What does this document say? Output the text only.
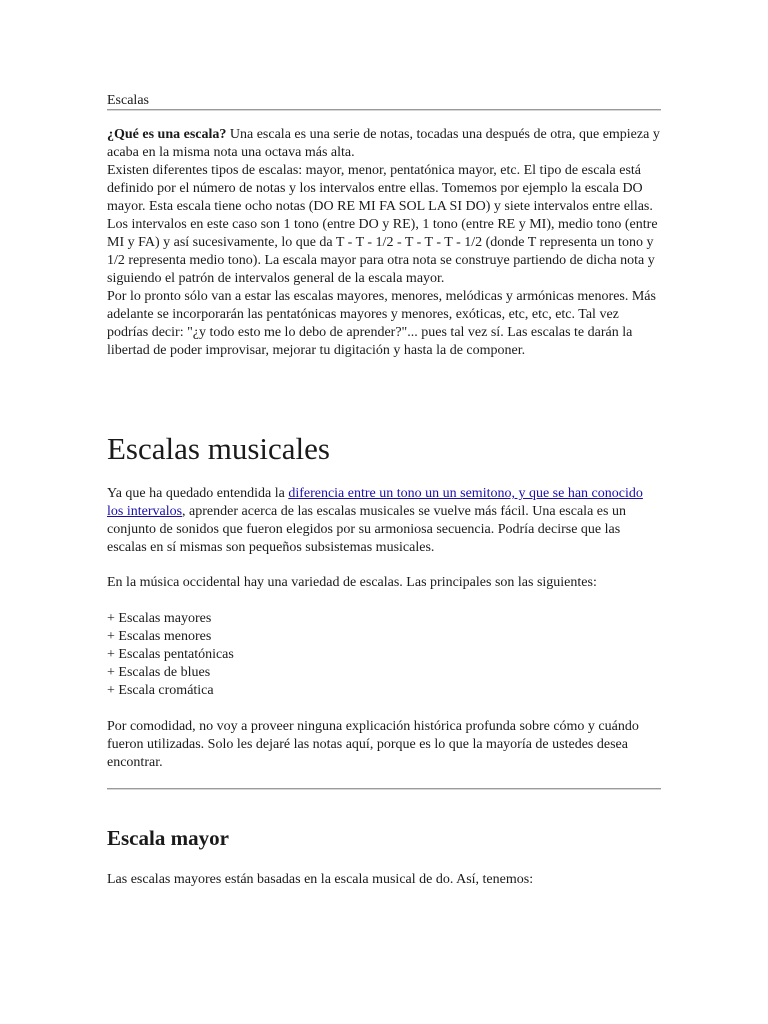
Escalas

¿Qué es una escala? Una escala es una serie de notas, tocadas una después de otra, que empieza y acaba en la misma nota una octava más alta.

Existen diferentes tipos de escalas: mayor, menor, pentatónica mayor, etc. El tipo de escala está definido por el número de notas y los intervalos entre ellas. Tomemos por ejemplo la escala DO mayor. Esta escala tiene ocho notas (DO RE MI FA SOL LA SI DO) y siete intervalos entre ellas. Los intervalos en este caso son 1 tono (entre DO y RE), 1 tono (entre RE y MI), medio tono (entre MI y FA) y así sucesivamente, lo que da T - T - 1/2 - T - T - T - 1/2 (donde T representa un tono y 1/2 representa medio tono). La escala mayor para otra nota se construye partiendo de dicha nota y siguiendo el patrón de intervalos general de la escala mayor.

Por lo pronto sólo van a estar las escalas mayores, menores, melódicas y armónicas menores. Más adelante se incorporarán las pentatónicas mayores y menores, exóticas, etc, etc, etc. Tal vez podrías decir: "¿y todo esto me lo debo de aprender?"... pues tal vez sí. Las escalas te darán la libertad de poder improvisar, mejorar tu digitación y hasta la de componer.

Escalas musicales

Ya que ha quedado entendida la diferencia entre un tono un un semitono, y que se han conocido los intervalos, aprender acerca de las escalas musicales se vuelve más fácil. Una escala es un conjunto de sonidos que fueron elegidos por su armoniosa secuencia. Podría decirse que las escalas en sí mismas son pequeños subsistemas musicales.

En la música occidental hay una variedad de escalas. Las principales son las siguientes:

+ Escalas mayores
+ Escalas menores
+ Escalas pentatónicas
+ Escalas de blues
+ Escala cromática

Por comodidad, no voy a proveer ninguna explicación histórica profunda sobre cómo y cuándo fueron utilizadas. Solo les dejaré las notas aquí, porque es lo que la mayoría de ustedes desea encontrar.

Escala mayor

Las escalas mayores están basadas en la escala musical de do. Así, tenemos:
